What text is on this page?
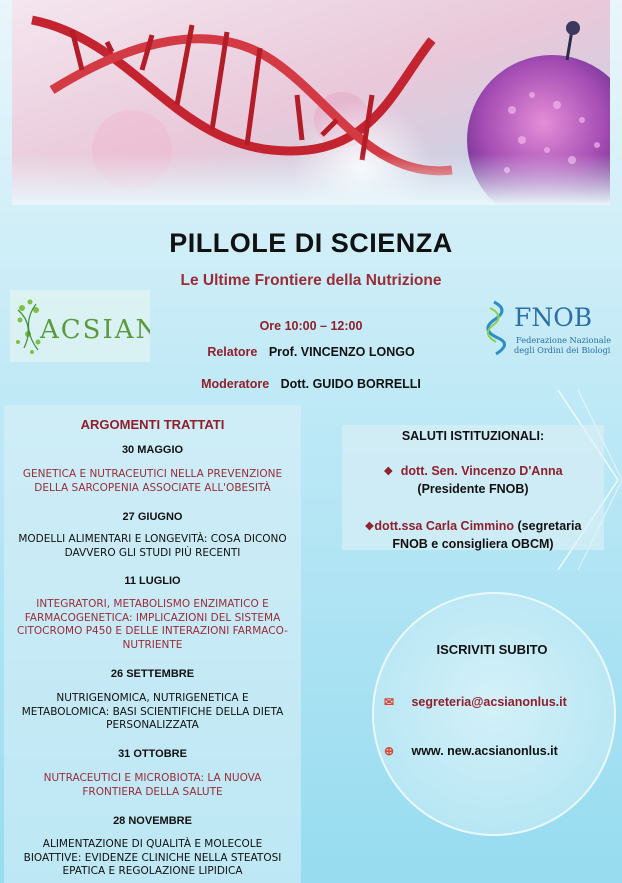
PILLOLE DI SCIENZA
Le Ultime Frontiere della Nutrizione
ACSIAN	FNOB
Federazione Nazionale
degli Ordini dei Biologi
Ore 10:00 – 12:00
Relatore Prof. VINCENZO LONGO
Moderatore Dott. GUIDO BORRELLI
ARGOMENTI TRATTATI
30 MAGGIO
GENETICA E NUTRACEUTICI NELLA PREVENZIONE
DELLA SARCOPENIA ASSOCIATE ALL'OBESITÀ
27 GIUGNO
MODELLI ALIMENTARI E LONGEVITÀ: COSA DICONO
DAVVERO GLI STUDI PIÙ RECENTI
11 LUGLIO
INTEGRATORI, METABOLISMO ENZIMATICO E
FARMACOGENETICA: IMPLICAZIONI DEL SISTEMA
CITOCROMO P450 E DELLE INTERAZIONI FARMACO-
NUTRIENTE
26 SETTEMBRE
NUTRIGENOMICA, NUTRIGENETICA E
METABOLOMICA: BASI SCIENTIFICHE DELLA DIETA
PERSONALIZZATA
31 OTTOBRE
NUTRACEUTICI E MICROBIOTA: LA NUOVA
FRONTIERA DELLA SALUTE
28 NOVEMBRE
ALIMENTAZIONE DI QUALITÀ E MOLECOLE
BIOATTIVE: EVIDENZE CLINICHE NELLA STEATOSI
EPATICA E REGOLAZIONE LIPIDICA
SALUTI ISTITUZIONALI:
❖ dott. Sen. Vincenzo D'Anna
(Presidente FNOB)
❖dott.ssa Carla Cimmino (segretaria
FNOB e consigliera OBCM)
ISCRIVITI SUBITO
✉ segreteria@acsianonlus.it
⊕ www. new.acsianonlus.it
